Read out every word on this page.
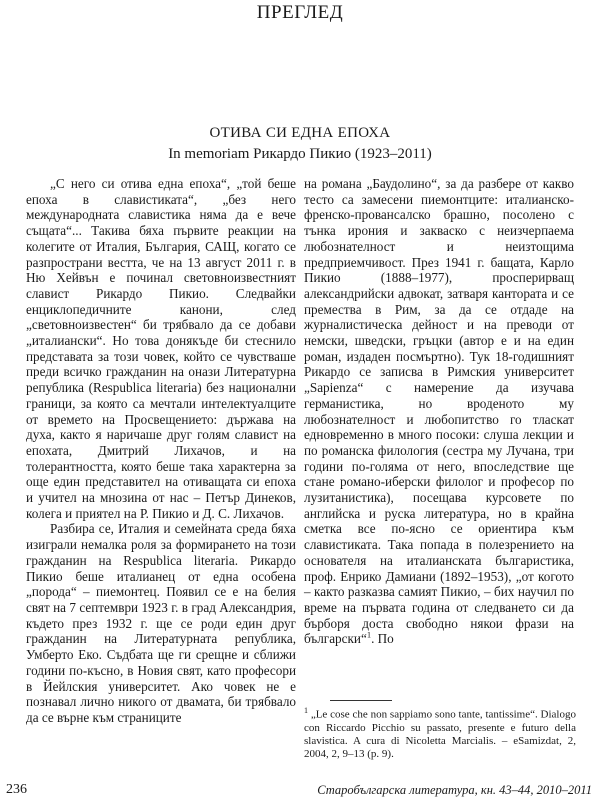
ПРЕГЛЕД
ОТИВА СИ ЕДНА ЕПОХА
In memoriam Рикардо Пикио (1923–2011)

„С него си отива една епоха“, „той беше епоха в славистиката“, „без него международната славистика няма да е вече същата“... Такива бяха първите реакции на колегите от Италия, България, САЩ, когато се разпространи вестта, че на 13 август 2011 г. в Ню Хейвън е починал световноизвестният славист Рикардо Пикио. Следвайки енциклопедичните канони, след „световноизвестен“ би трябвало да се добави „италиански“. Но това донякъде би стеснило представата за този човек, който се чувстваше преди всичко гражданин на онази Литературна република (Respublica literaria) без национални граници, за която са мечтали интелектуалците от времето на Просвещението: държава на духа, както я наричаше друг голям славист на епохата, Дмитрий Лихачов, и на толерантността, която беше така характерна за още един представител на отиващата си епоха и учител на мнозина от нас – Петър Динеков, колега и приятел на Р. Пикио и Д. С. Лихачов.

Разбира се, Италия и семейната среда бяха изиграли немалка роля за формирането на този гражданин на Respublica literaria. Рикардо Пикио беше италианец от една особена „порода“ – пиемонтец. Появил се е на белия свят на 7 септември 1923 г. в град Александрия, където през 1932 г. ще се роди един друг гражданин на Литературната република, Умберто Еко. Съдбата ще ги срещне и сближи години по-късно, в Новия свят, като професори в Йейлския университет. Ако човек не е познавал лично никого от двамата, би трябвало да се върне към страниците

на романа „Баудолино“, за да разбере от какво тесто са замесени пиемонтците: италианско-френско-провансалско брашно, посолено с тънка ирония и закваско с неизчерпаема любознателност и неизтощима предприемчивост. През 1941 г. бащата, Карло Пикио (1888–1977), просперирващ александрийски адвокат, затваря кантората и се премества в Рим, за да се отдаде на журналистическа дейност и на преводи от немски, шведски, гръцки (автор е и на един роман, издаден посмъртно). Тук 18-годишният Рикардо се записва в Римския университет „Sapienza“ с намерение да изучава германистика, но вроденото му любознателност и любопитство го тласкат едновременно в много посоки: слуша лекции и по романска филология (сестра му Лучана, три години по-голяма от него, впоследствие ще стане романо-иберски филолог и професор по лузитанистика), посещава курсовете по английска и руска литература, но в крайна сметка все по-ясно се ориентира към славистиката. Така попада в полезрението на основателя на италианската българистика, проф. Енрико Дамиани (1892–1953), „от когото – както разказва самият Пикио, – бих научил по време на първата година от следването си да бърборя доста свободно някои фрази на български“$^1$. По

$^1$ „Le cose che non sappiamo sono tante, tantissime“. Dialogo con Riccardo Picchio su passato, presente e futuro della slavistica. A cura di Nicoletta Marcialis. – eSamizdat, 2, 2004, 2, 9–13 (p. 9).
236	Старобългарска литература, кн. 43–44, 2010–2011
